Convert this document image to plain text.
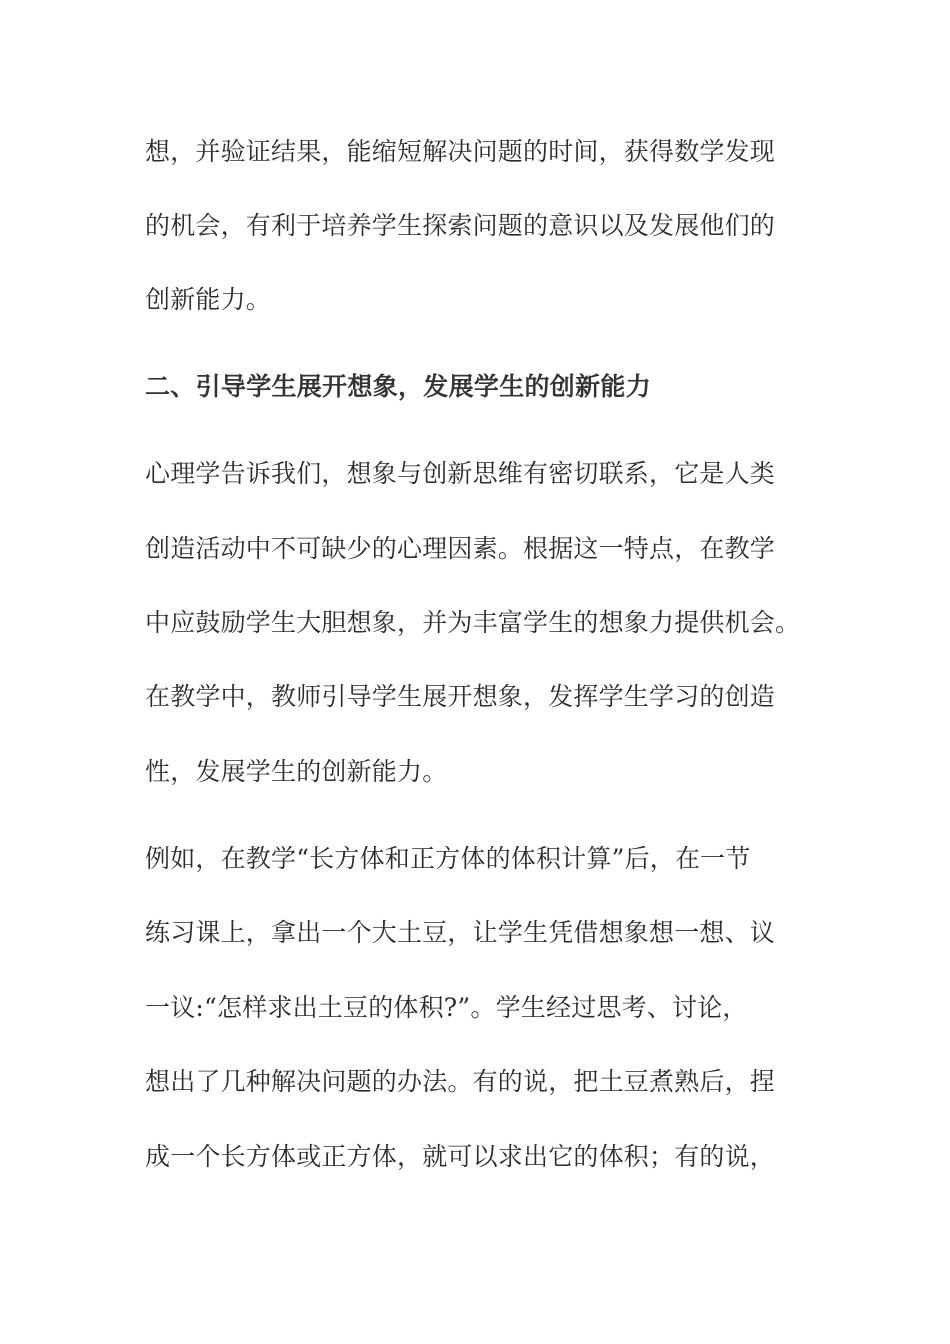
想，并验证结果，能缩短解决问题的时间，获得数学发现

的机会，有利于培养学生探索问题的意识以及发展他们的

创新能力。

二、引导学生展开想象，发展学生的创新能力

心理学告诉我们，想象与创新思维有密切联系，它是人类

创造活动中不可缺少的心理因素。根据这一特点，在教学

中应鼓励学生大胆想象，并为丰富学生的想象力提供机会。

在教学中，教师引导学生展开想象，发挥学生学习的创造

性，发展学生的创新能力。

例如，在教学“长方体和正方体的体积计算”后，在一节

练习课上，拿出一个大土豆，让学生凭借想象想一想、议

一议:“怎样求出土豆的体积?”。学生经过思考、讨论，

想出了几种解决问题的办法。有的说，把土豆煮熟后，捏

成一个长方体或正方体，就可以求出它的体积；有的说，
